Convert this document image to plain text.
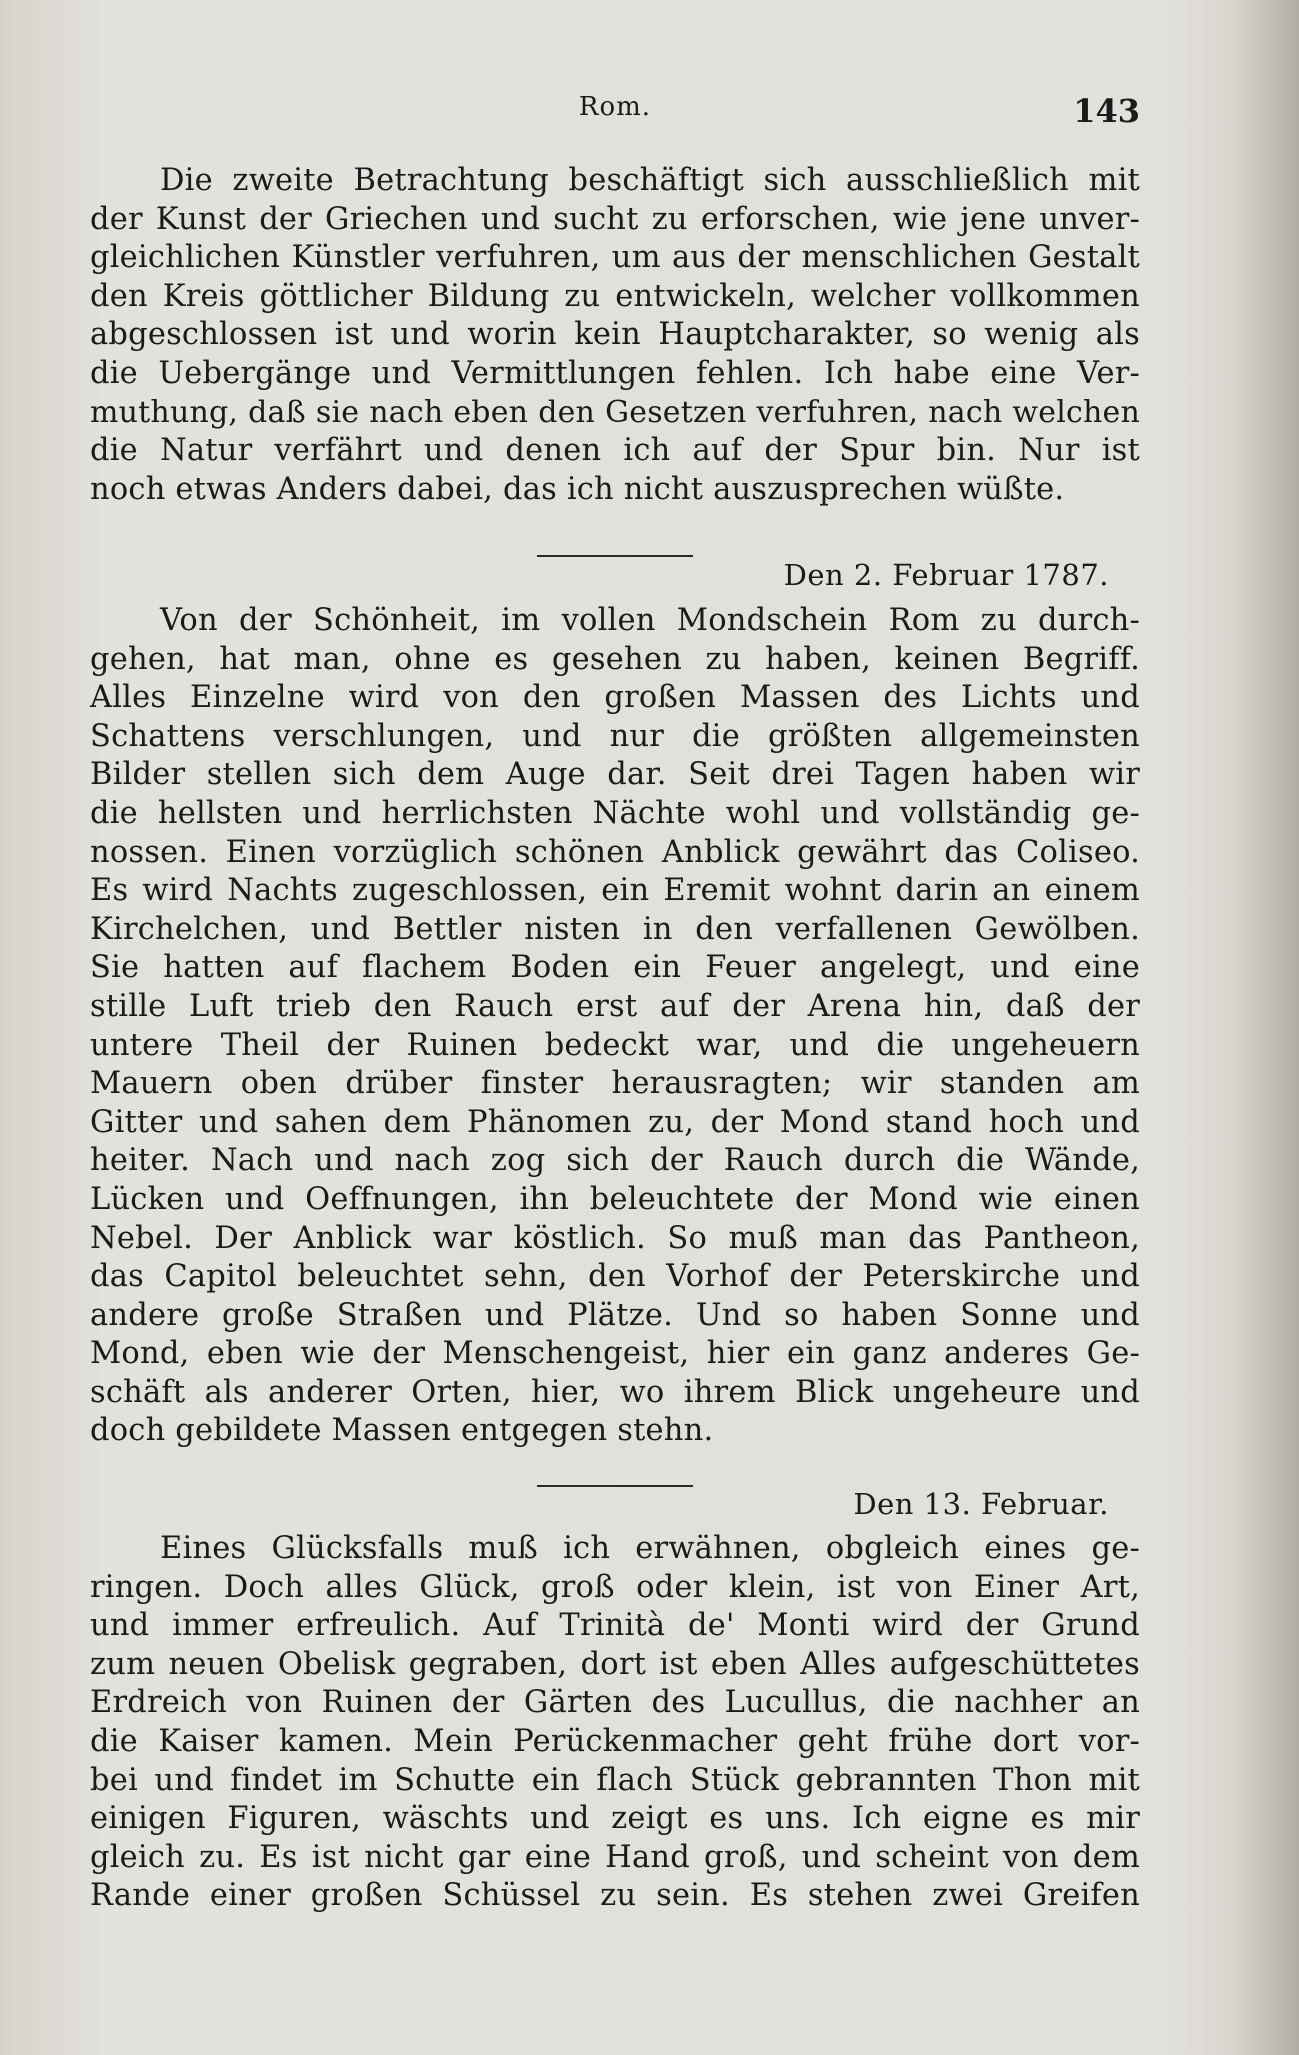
Rom.	143
Die zweite Betrachtung beschäftigt sich ausschließlich mit
der Kunst der Griechen und sucht zu erforschen, wie jene unver-
gleichlichen Künstler verfuhren, um aus der menschlichen Gestalt
den Kreis göttlicher Bildung zu entwickeln, welcher vollkommen
abgeschlossen ist und worin kein Hauptcharakter, so wenig als
die Uebergänge und Vermittlungen fehlen. Ich habe eine Ver-
muthung, daß sie nach eben den Gesetzen verfuhren, nach welchen
die Natur verfährt und denen ich auf der Spur bin. Nur ist
noch etwas Anders dabei, das ich nicht auszusprechen wüßte.
Den 2. Februar 1787.
Von der Schönheit, im vollen Mondschein Rom zu durch-
gehen, hat man, ohne es gesehen zu haben, keinen Begriff.
Alles Einzelne wird von den großen Massen des Lichts und
Schattens verschlungen, und nur die größten allgemeinsten
Bilder stellen sich dem Auge dar. Seit drei Tagen haben wir
die hellsten und herrlichsten Nächte wohl und vollständig ge-
nossen. Einen vorzüglich schönen Anblick gewährt das Coliseo.
Es wird Nachts zugeschlossen, ein Eremit wohnt darin an einem
Kirchelchen, und Bettler nisten in den verfallenen Gewölben.
Sie hatten auf flachem Boden ein Feuer angelegt, und eine
stille Luft trieb den Rauch erst auf der Arena hin, daß der
untere Theil der Ruinen bedeckt war, und die ungeheuern
Mauern oben drüber finster herausragten; wir standen am
Gitter und sahen dem Phänomen zu, der Mond stand hoch und
heiter. Nach und nach zog sich der Rauch durch die Wände,
Lücken und Oeffnungen, ihn beleuchtete der Mond wie einen
Nebel. Der Anblick war köstlich. So muß man das Pantheon,
das Capitol beleuchtet sehn, den Vorhof der Peterskirche und
andere große Straßen und Plätze. Und so haben Sonne und
Mond, eben wie der Menschengeist, hier ein ganz anderes Ge-
schäft als anderer Orten, hier, wo ihrem Blick ungeheure und
doch gebildete Massen entgegen stehn.
Den 13. Februar.
Eines Glücksfalls muß ich erwähnen, obgleich eines ge-
ringen. Doch alles Glück, groß oder klein, ist von Einer Art,
und immer erfreulich. Auf Trinità de' Monti wird der Grund
zum neuen Obelisk gegraben, dort ist eben Alles aufgeschüttetes
Erdreich von Ruinen der Gärten des Lucullus, die nachher an
die Kaiser kamen. Mein Perückenmacher geht frühe dort vor-
bei und findet im Schutte ein flach Stück gebrannten Thon mit
einigen Figuren, wäschts und zeigt es uns. Ich eigne es mir
gleich zu. Es ist nicht gar eine Hand groß, und scheint von dem
Rande einer großen Schüssel zu sein. Es stehen zwei Greifen
